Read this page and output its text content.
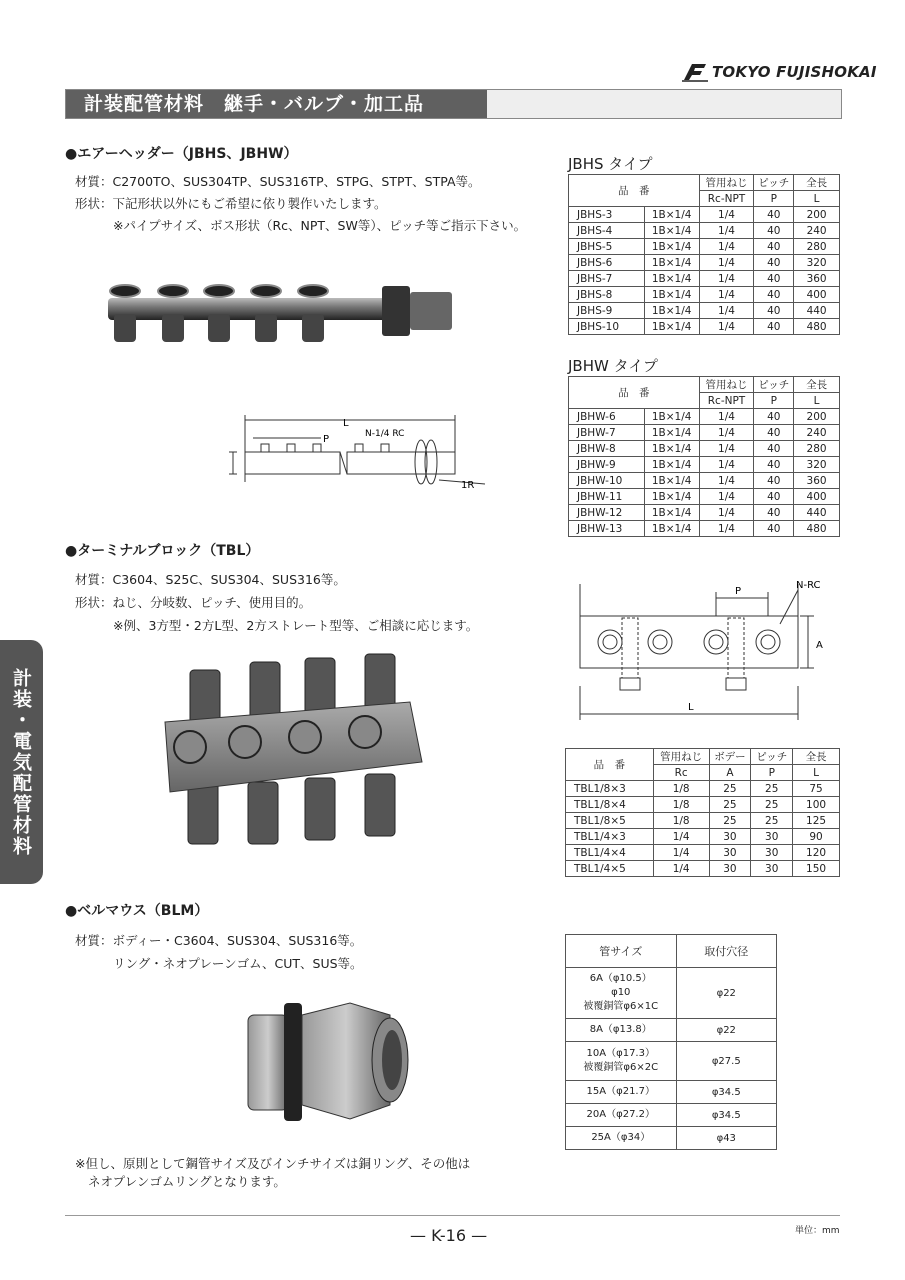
TOKYO FUJISHOKAI
計装配管材料　継手・バルブ・加工品
計装・電気配管材料
●エアーヘッダー（JBHS、JBHW）
材質：C2700TO、SUS304TP、SUS316TP、STPG、STPT、STPA等。
形状：下記形状以外にもご希望に依り製作いたします。
※パイプサイズ、ボス形状（Rc、NPT、SW等）、ピッチ等ご指示下さい。
L
P	N-1/4 RC
1R
JBHS タイプ
品　番		管用ねじ	ピッチ	全長
		Rc-NPT	P	L
JBHS-3	1B×1/4	1/4	40	200
JBHS-4	1B×1/4	1/4	40	240
JBHS-5	1B×1/4	1/4	40	280
JBHS-6	1B×1/4	1/4	40	320
JBHS-7	1B×1/4	1/4	40	360
JBHS-8	1B×1/4	1/4	40	400
JBHS-9	1B×1/4	1/4	40	440
JBHS-10	1B×1/4	1/4	40	480
JBHW タイプ
品　番		管用ねじ	ピッチ	全長
		Rc-NPT	P	L
JBHW-6	1B×1/4	1/4	40	200
JBHW-7	1B×1/4	1/4	40	240
JBHW-8	1B×1/4	1/4	40	280
JBHW-9	1B×1/4	1/4	40	320
JBHW-10	1B×1/4	1/4	40	360
JBHW-11	1B×1/4	1/4	40	400
JBHW-12	1B×1/4	1/4	40	440
JBHW-13	1B×1/4	1/4	40	480
●ターミナルブロック（TBL）
材質：C3604、S25C、SUS304、SUS316等。
形状：ねじ、分岐数、ピッチ、使用目的。
※例、3方型・2方L型、2方ストレート型等、ご相談に応じます。
P
N-RC
A
L
品　番	管用ねじ	ボデー	ピッチ	全長
	Rc	A	P	L
TBL1/8×3	1/8	25	25	75
TBL1/8×4	1/8	25	25	100
TBL1/8×5	1/8	25	25	125
TBL1/4×3	1/4	30	30	90
TBL1/4×4	1/4	30	30	120
TBL1/4×5	1/4	30	30	150
●ベルマウス（BLM）
材質：ボディー・C3604、SUS304、SUS316等。
リング・ネオプレーンゴム、CUT、SUS等。
管サイズ	取付穴径

6A（φ10.5）
φ10
被覆銅管φ6×1C	φ22

8A（φ13.8）	φ22

10A（φ17.3）
被覆銅管φ6×2C	φ27.5

15A（φ21.7）	φ34.5

20A（φ27.2）	φ34.5

25A（φ34）	φ43
※但し、原則として鋼管サイズ及びインチサイズは銅リング、その他は
ネオプレンゴムリングとなります。
— K-16 —	単位：mm
